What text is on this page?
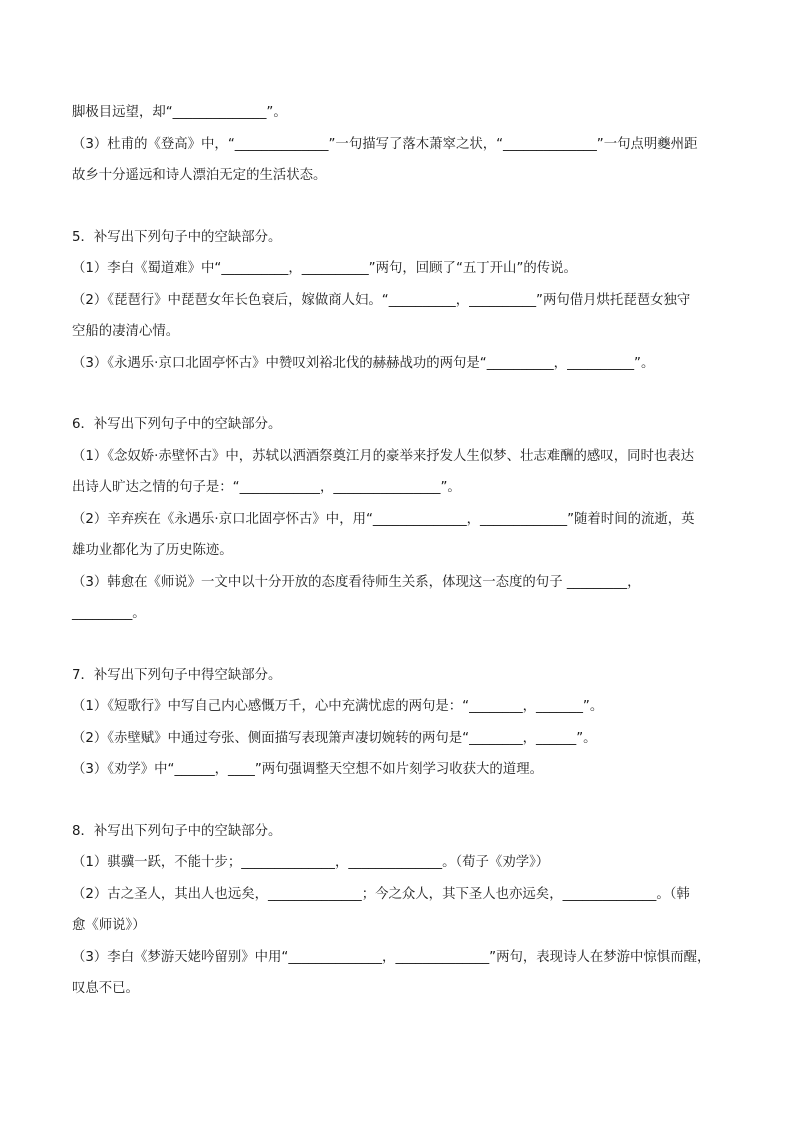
脚极目远望，却“______________”。
（3）杜甫的《登高》中，“______________”一句描写了落木萧窣之状，“______________”一句点明夔州距
故乡十分遥远和诗人漂泊无定的生活状态。
5．补写出下列句子中的空缺部分。
（1）李白《蜀道难》中“__________，__________”两句，回顾了“五丁开山”的传说。
（2）《琵琶行》中琵琶女年长色衰后，嫁做商人妇。“__________，__________”两句借月烘托琵琶女独守
空船的凄清心情。
（3）《永遇乐·京口北固亭怀古》中赞叹刘裕北伐的赫赫战功的两句是“__________，__________”。
6．补写出下列句子中的空缺部分。
（1）《念奴娇·赤壁怀古》中，苏轼以洒酒祭奠江月的豪举来抒发人生似梦、壮志难酬的感叹，同时也表达
出诗人旷达之情的句子是：“____________，________________”。
（2）辛弃疾在《永遇乐·京口北固亭怀古》中，用“______________，_____________”随着时间的流逝，英
雄功业都化为了历史陈迹。
（3）韩愈在《师说》一文中以十分开放的态度看待师生关系，体现这一态度的句子 _________，
_________。
7．补写出下列句子中得空缺部分。
（1）《短歌行》中写自己内心感慨万千，心中充满忧虑的两句是：“________，_______”。
（2）《赤壁赋》中通过夸张、侧面描写表现箫声凄切婉转的两句是“________，______”。
（3）《劝学》中“______，____”两句强调整天空想不如片刻学习收获大的道理。
8．补写出下列句子中的空缺部分。
（1）骐骥一跃，不能十步；______________，______________。（荀子《劝学》）
（2）古之圣人，其出人也远矣，______________；今之众人，其下圣人也亦远矣，______________。（韩
愈《师说》）
（3）李白《梦游天姥吟留别》中用“______________，______________”两句，表现诗人在梦游中惊惧而醒，
叹息不已。
